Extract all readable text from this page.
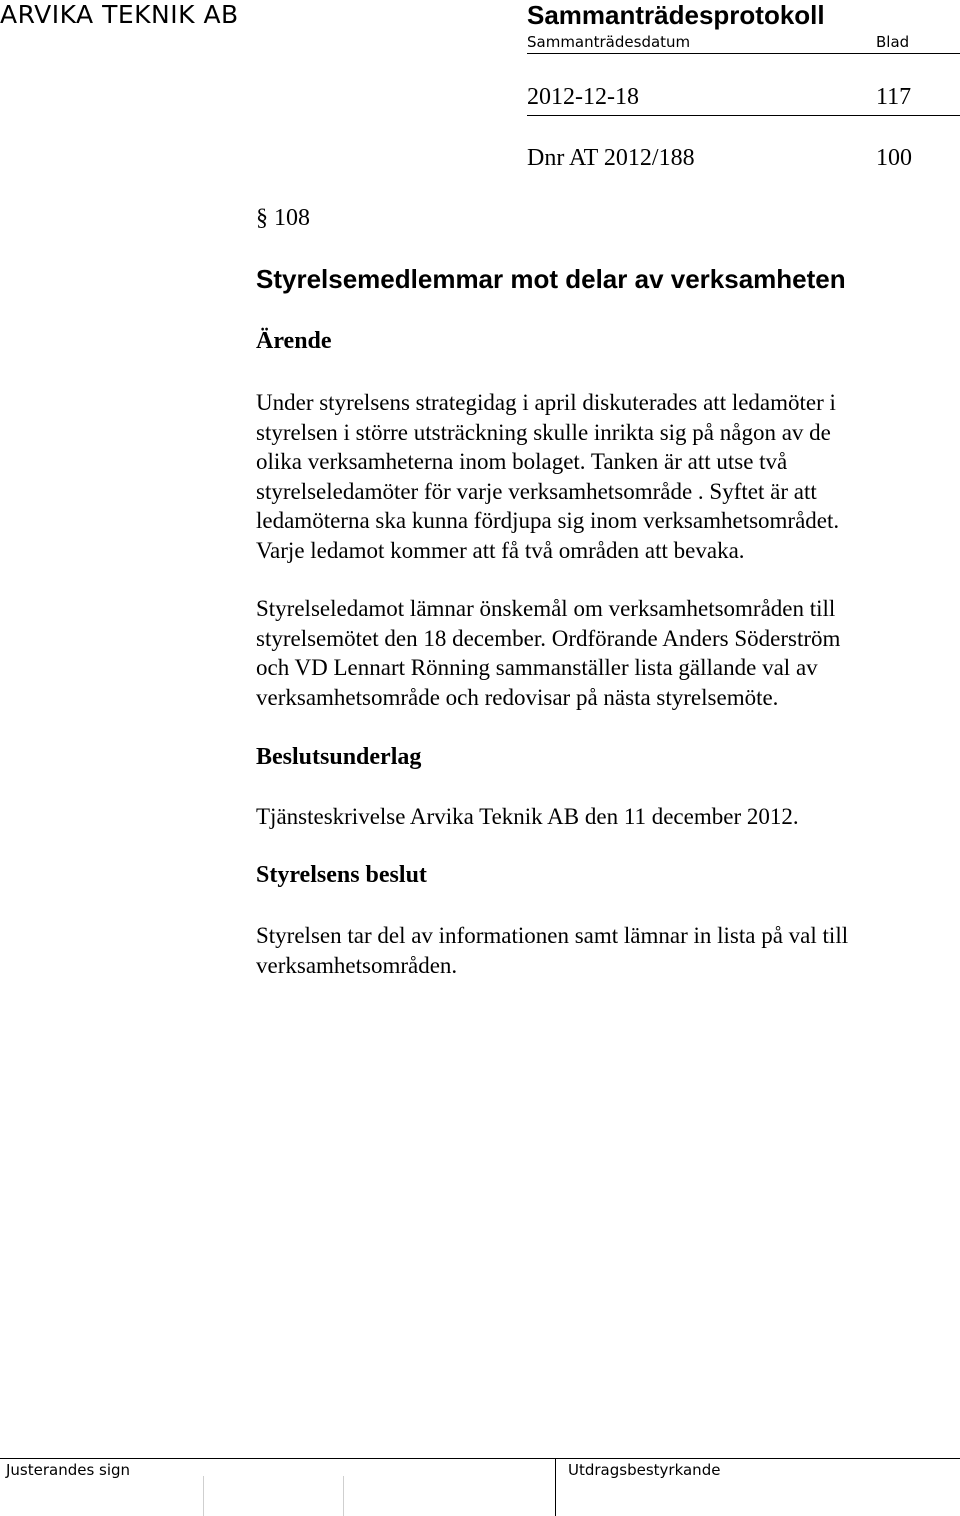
ARVIKA TEKNIK AB	Sammanträdesprotokoll
Sammanträdesdatum	Blad
2012-12-18	117
Dnr AT 2012/188	100
§ 108
Styrelsemedlemmar mot delar av verksamheten
Ärende
Under styrelsens strategidag i april diskuterades att ledamöter i
styrelsen i större utsträckning skulle inrikta sig på någon av de
olika verksamheterna inom bolaget. Tanken är att utse två
styrelseledamöter för varje verksamhetsområde . Syftet är att
ledamöterna ska kunna fördjupa sig inom verksamhetsområdet.
Varje ledamot kommer att få två områden att bevaka.
Styrelseledamot lämnar önskemål om verksamhetsområden till
styrelsemötet den 18 december. Ordförande Anders Söderström
och VD Lennart Rönning sammanställer lista gällande val av
verksamhetsområde och redovisar på nästa styrelsemöte.
Beslutsunderlag
Tjänsteskrivelse Arvika Teknik AB den 11 december 2012.
Styrelsens beslut
Styrelsen tar del av informationen samt lämnar in lista på val till
verksamhetsområden.
Justerandes sign	Utdragsbestyrkande
